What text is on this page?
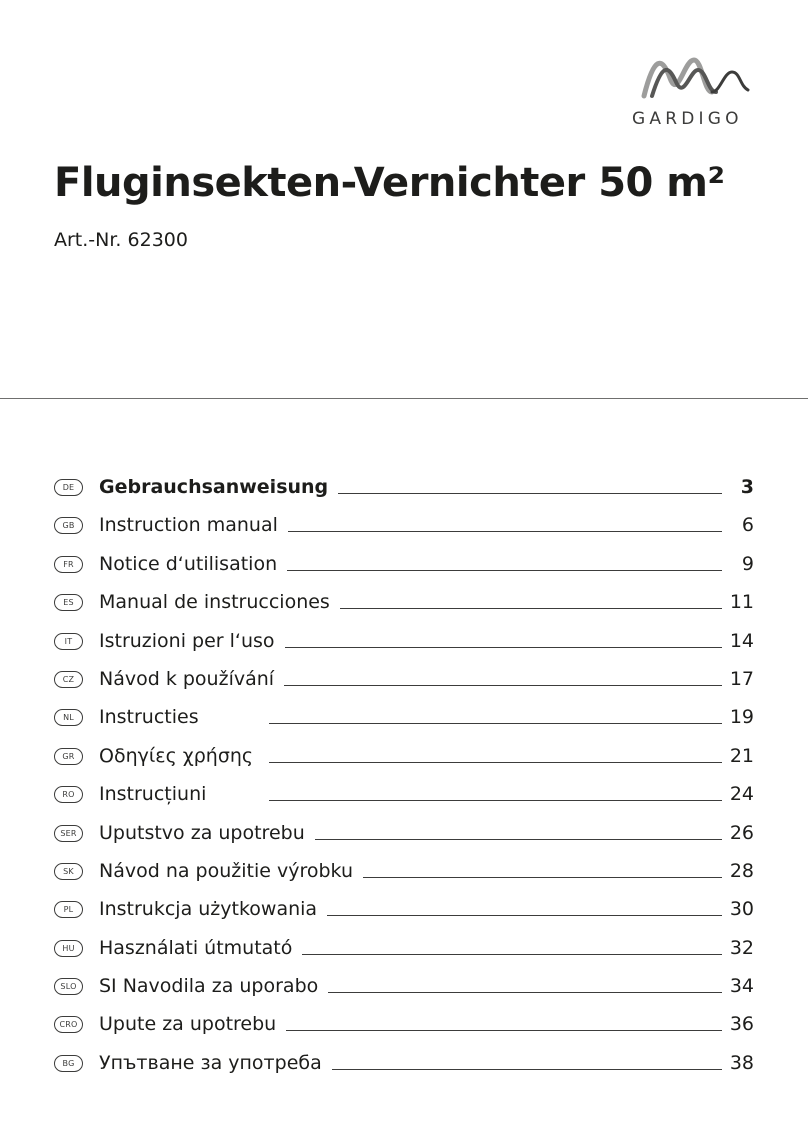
GARDIGO
Fluginsekten-Vernichter 50 m²
Art.-Nr. 62300
DE	Gebrauchsanweisung	3
GB	Instruction manual	6
FR	Notice d‘utilisation	9
ES	Manual de instrucciones	11
IT	Istruzioni per l‘uso	14
CZ	Návod k používání	17
NL	Instructies	19
GR	Οδηγίες χρήσης	21
RO	Instrucțiuni	24
SER	Uputstvo za upotrebu	26
SK	Návod na použitie výrobku	28
PL	Instrukcja użytkowania	30
HU	Használati útmutató	32
SLO	SI Navodila za uporabo	34
CRO Upute za upotrebu	36
BG	Упътване за употреба	38
